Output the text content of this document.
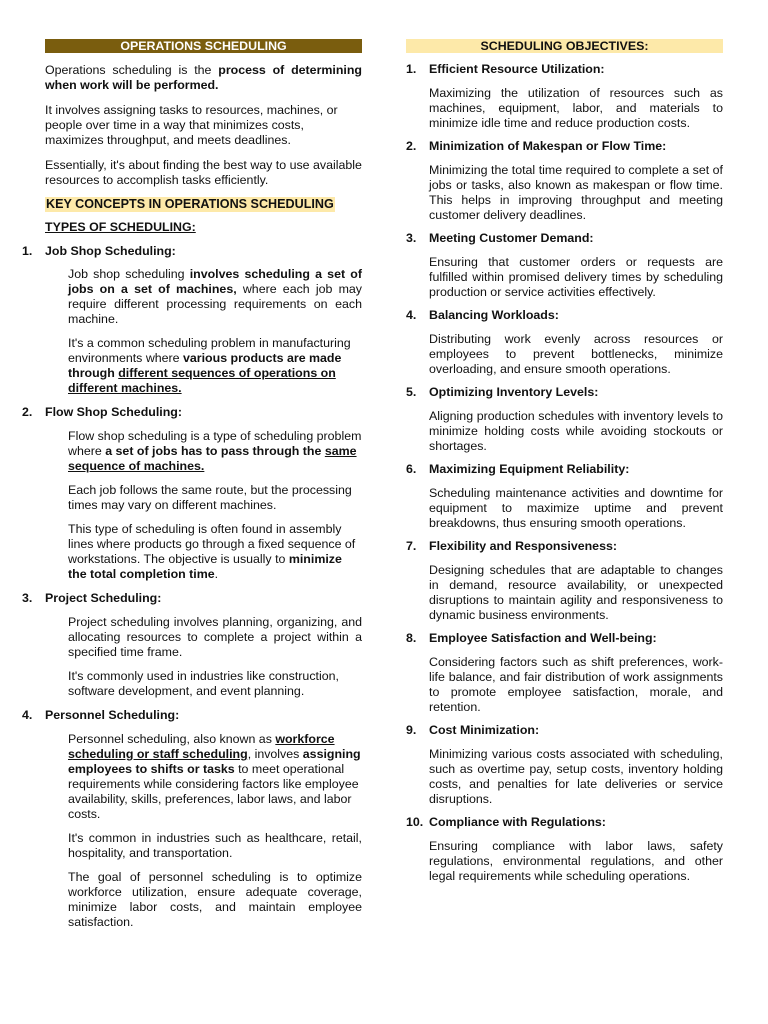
OPERATIONS SCHEDULING

Operations scheduling is the process of determining when work will be performed.

It involves assigning tasks to resources, machines, or people over time in a way that minimizes costs, maximizes throughput, and meets deadlines.

Essentially, it's about finding the best way to use available resources to accomplish tasks efficiently.

KEY CONCEPTS IN OPERATIONS SCHEDULING
TYPES OF SCHEDULING:
1.	Job Shop Scheduling:

Job shop scheduling involves scheduling a set of jobs on a set of machines, where each job may require different processing requirements on each machine.

It's a common scheduling problem in manufacturing environments where various products are made through different sequences of operations on different machines.

2.	Flow Shop Scheduling:

Flow shop scheduling is a type of scheduling problem where a set of jobs has to pass through the same sequence of machines.

Each job follows the same route, but the processing times may vary on different machines.

This type of scheduling is often found in assembly lines where products go through a fixed sequence of workstations. The objective is usually to minimize the total completion time.

3.	Project Scheduling:

Project scheduling involves planning, organizing, and allocating resources to complete a project within a specified time frame.

It's commonly used in industries like construction, software development, and event planning.

4.	Personnel Scheduling:

Personnel scheduling, also known as workforce scheduling or staff scheduling, involves assigning employees to shifts or tasks to meet operational requirements while considering factors like employee availability, skills, preferences, labor laws, and labor costs.

It's common in industries such as healthcare, retail, hospitality, and transportation.

The goal of personnel scheduling is to optimize workforce utilization, ensure adequate coverage, minimize labor costs, and maintain employee satisfaction.

SCHEDULING OBJECTIVES:
1.	Efficient Resource Utilization:

Maximizing the utilization of resources such as machines, equipment, labor, and materials to minimize idle time and reduce production costs.

2.	Minimization of Makespan or Flow Time:

Minimizing the total time required to complete a set of jobs or tasks, also known as makespan or flow time. This helps in improving throughput and meeting customer delivery deadlines.

3.	Meeting Customer Demand:

Ensuring that customer orders or requests are fulfilled within promised delivery times by scheduling production or service activities effectively.

4.	Balancing Workloads:

Distributing work evenly across resources or employees to prevent bottlenecks, minimize overloading, and ensure smooth operations.

5.	Optimizing Inventory Levels:

Aligning production schedules with inventory levels to minimize holding costs while avoiding stockouts or shortages.

6.	Maximizing Equipment Reliability:

Scheduling maintenance activities and downtime for equipment to maximize uptime and prevent breakdowns, thus ensuring smooth operations.

7.	Flexibility and Responsiveness:

Designing schedules that are adaptable to changes in demand, resource availability, or unexpected disruptions to maintain agility and responsiveness to dynamic business environments.

8.	Employee Satisfaction and Well-being:

Considering factors such as shift preferences, work-life balance, and fair distribution of work assignments to promote employee satisfaction, morale, and retention.

9.	Cost Minimization:

Minimizing various costs associated with scheduling, such as overtime pay, setup costs, inventory holding costs, and penalties for late deliveries or service disruptions.

10. Compliance with Regulations:

Ensuring compliance with labor laws, safety regulations, environmental regulations, and other legal requirements while scheduling operations.
